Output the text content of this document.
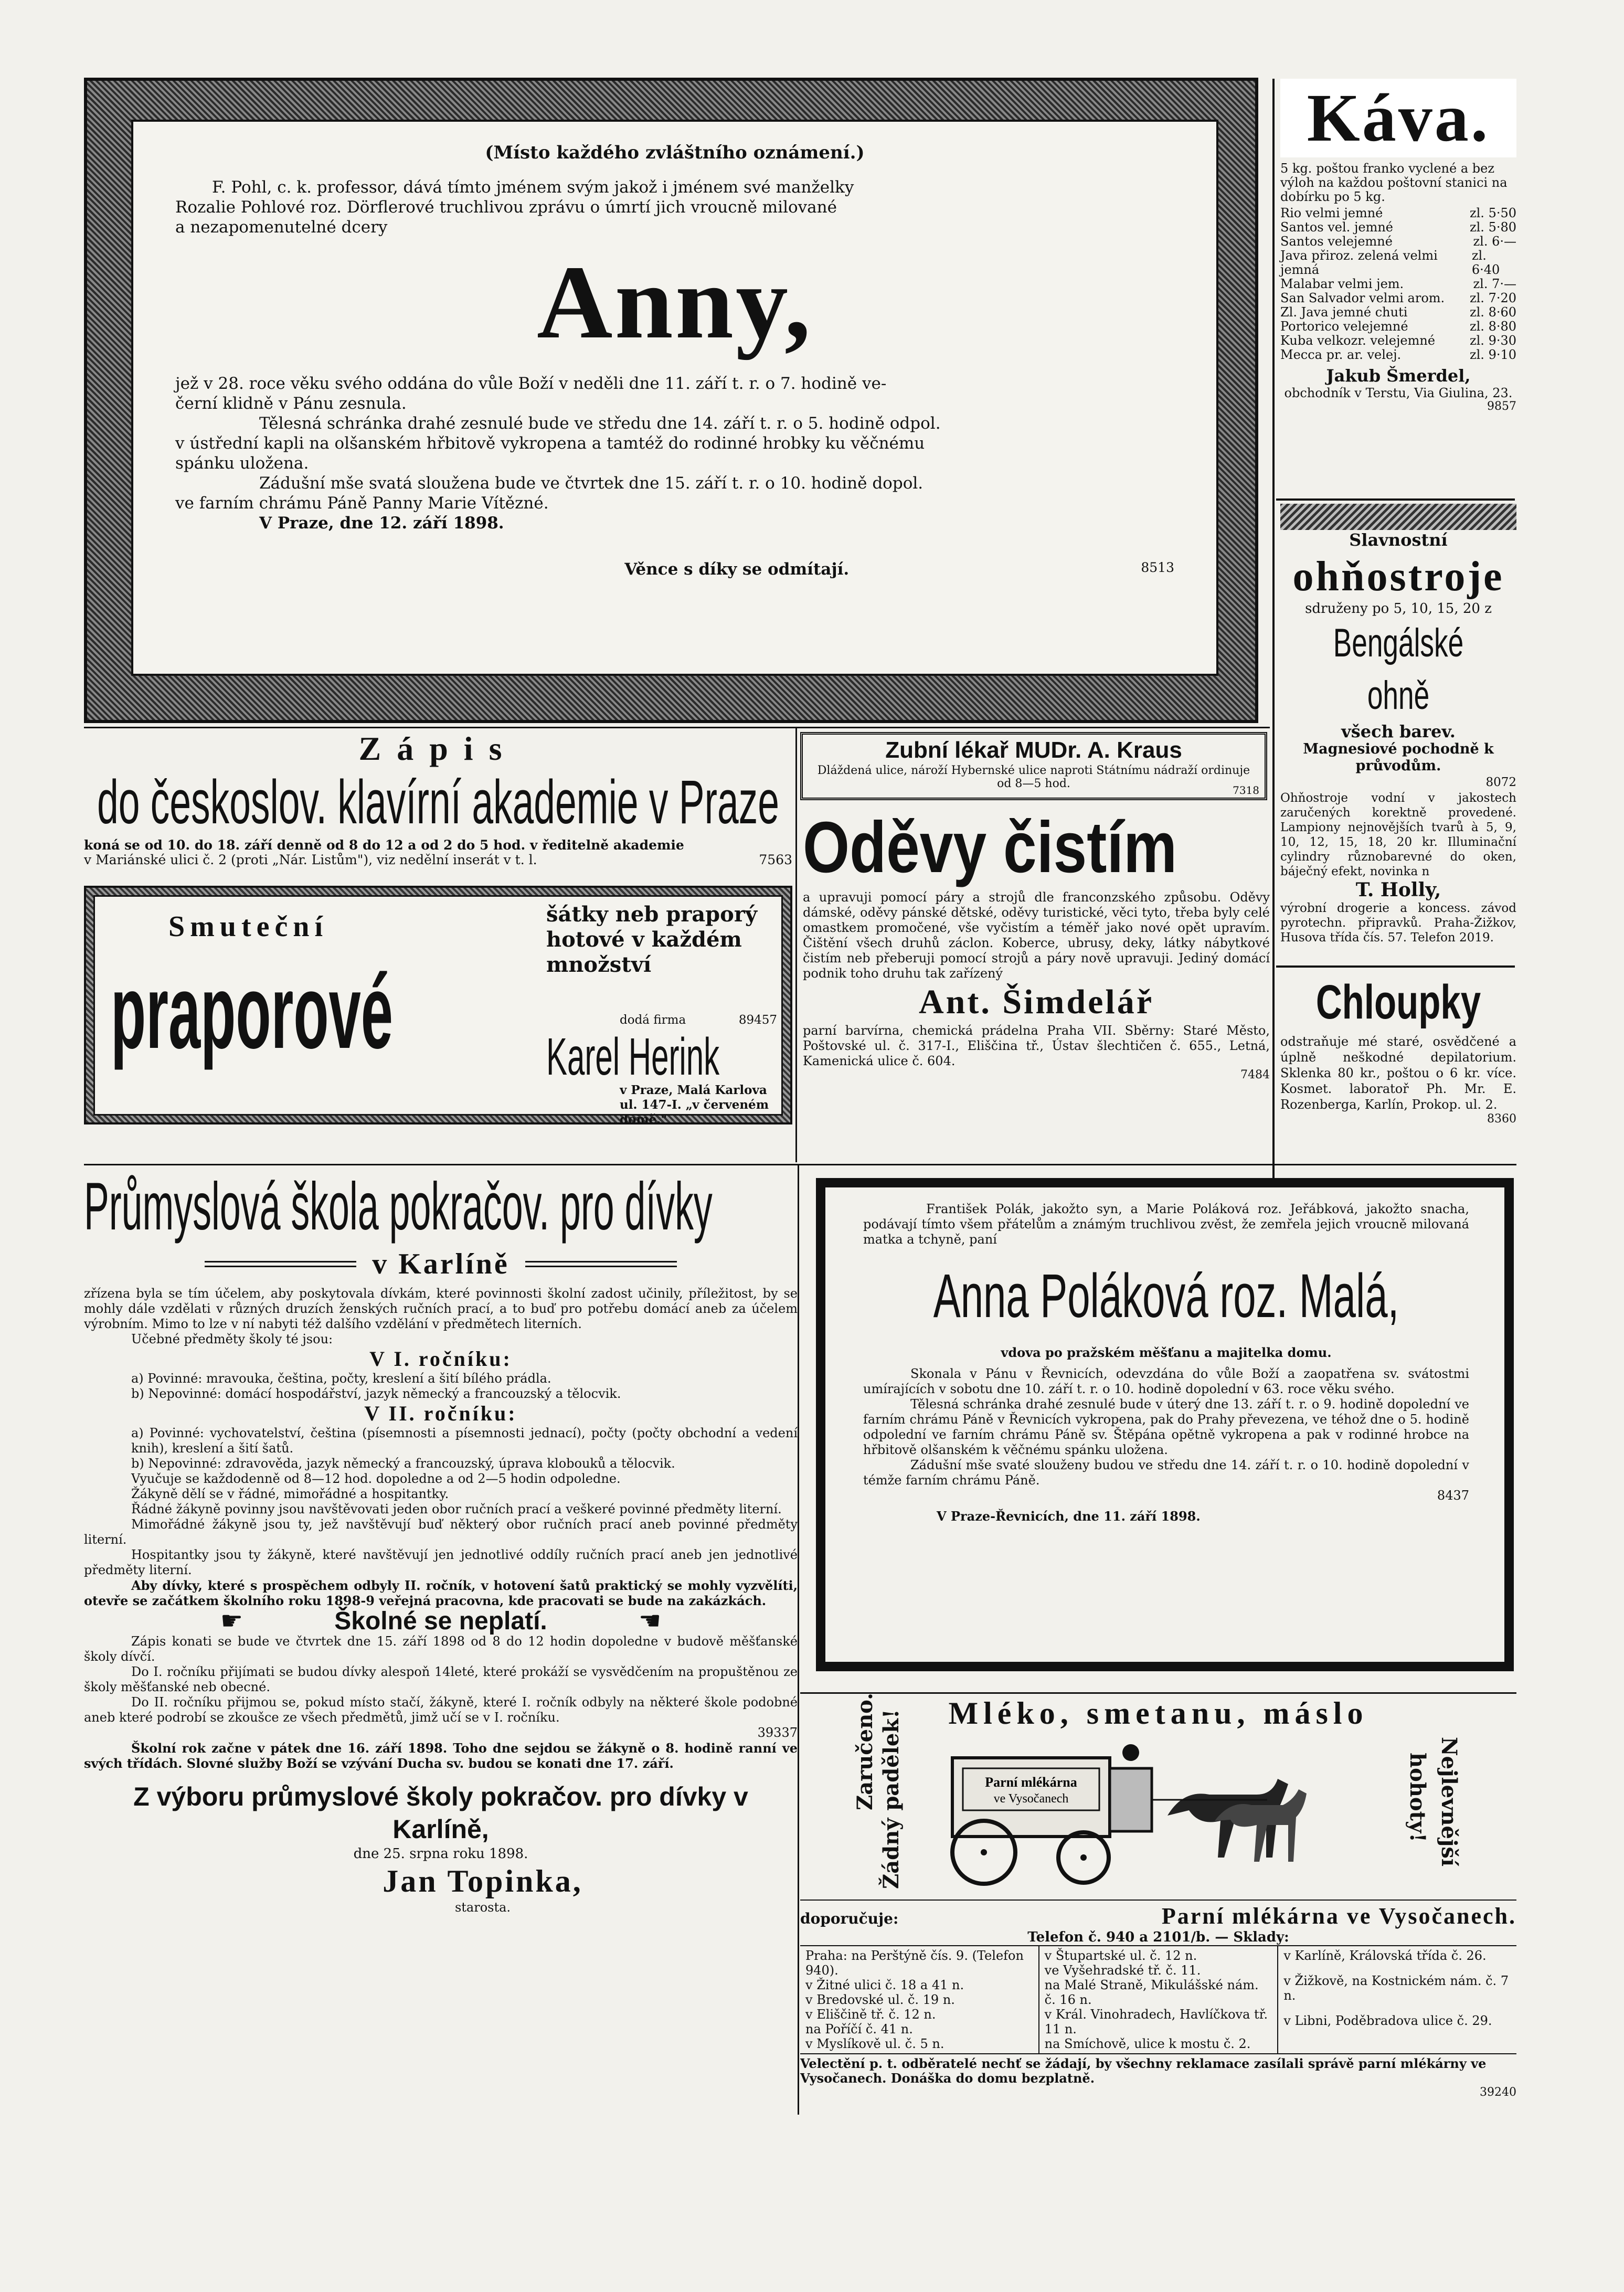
(Místo každého zvláštního oznámení.)

F. Pohl, c. k. professor, dává tímto jménem svým jakož i jménem své manželky

Rozalie Pohlové roz. Dörflerové truchlivou zprávu o úmrtí jich vroucně milované

a nezapomenutelné dcery

Anny,

jež v 28. roce věku svého oddána do vůle Boží v neděli dne 11. září t. r. o 7. hodině ve-

černí klidně v Pánu zesnula.

Tělesná schránka drahé zesnulé bude ve středu dne 14. září t. r. o 5. hodině odpol.

v ústřední kapli na olšanském hřbitově vykropena a tamtéž do rodinné hrobky ku věčnému

spánku uložena.

Zádušní mše svatá sloužena bude ve čtvrtek dne 15. září t. r. o 10. hodině dopol.

ve farním chrámu Páně Panny Marie Vítězné.

V Praze, dne 12. září 1898.

Věnce s díky se odmítají.	8513
Káva.

5 kg. poštou franko vyclené a bez výloh na každou poštovní stanici na dobírku po 5 kg.

Rio velmi jemné	zl. 5·50
Santos vel. jemné	zl. 5·80
Santos velejemné	zl. 6·—
Java přiroz. zelená velmi jemná
zl. 6·40
Malabar velmi jem.	zl. 7·—
San Salvador velmi arom. zl. 7·20
Zl. Java jemné chuti	zl. 8·60
Portorico velejemné	zl. 8·80
Kuba velkozr. velejemné	zl. 9·30
Mecca pr. ar. velej.	zl. 9·10

Jakub Šmerdel,

obchodník v Terstu, Via Giulina, 23.

9857

Slavnostní

ohňostroje

sdruženy po 5, 10, 15, 20 z

Bengálské ohně

všech barev.

Magnesiové pochodně k průvodům.

8072

Ohňostroje vodní v jakostech zaručených korektně provedené. Lampiony nejnovějších tvarů à 5, 9, 10, 12, 15, 18, 20 kr. Illuminační cylindry různobarevné do oken, báječný efekt, novinka n

T. Holly,

výrobní drogerie a koncess. závod pyrotechn. připravků. Praha-Žižkov, Husova třída čís. 57. Telefon 2019.

Chloupky

odstraňuje mé staré, osvědčené a úplně neškodné depilatorium. Sklenka 80 kr., poštou o 6 kr. více. Kosmet. laboratoř Ph. Mr. E. Rozenberga, Karlín, Prokop. ul. 2.

8360

Zápis

do českoslov. klavírní akademie v Praze

koná se od 10. do 18. září denně od 8 do 12 a od 2 do 5 hod. v ředitelně akademie

v Mariánské ulici č. 2 (proti „Nár. Listům"), viz nedělní inserát v t. l.	7563

Smuteční

praporové

šátky neb praporý hotové v každém množství

dodá firma	89457

Karel Herink

v Praze, Malá Karlova ul. 147-I. „v červeném domě."

Zubní lékař MUDr. A. Kraus

Dláždená ulice, nároží Hybernské ulice naproti Státnímu nádraží ordinuje od 8—5 hod.	7318

Oděvy čistím

a upravuji pomocí páry a strojů dle franconzského způsobu. Oděvy dámské, oděvy pánské dětské, oděvy turistické, věci tyto, třeba byly celé omastkem promočené, vše vyčistím a téměř jako nové opět upravím. Čištění všech druhů záclon. Koberce, ubrusy, deky, látky nábytkové čistím neb přeberuji pomocí strojů a páry nově upravuji. Jediný domácí podnik toho druhu tak zařízený

Ant. Šimdelář

parní barvírna, chemická prádelna Praha VII. Sběrny: Staré Město, Poštovské ul. č. 317-I., Eliščina tř., Ústav šlechtičen č. 655., Letná, Kamenická ulice č. 604.

7484

Průmyslová škola pokračov. pro dívky

v Karlíně

zřízena byla se tím účelem, aby poskytovala dívkám, které povinnosti školní zadost učinily, příležitost, by se mohly dále vzdělati v různých druzích ženských ručních prací, a to buď pro potřebu domácí aneb za účelem výrobním. Mimo to lze v ní nabyti též dalšího vzdělání v předmětech literních.

Učebné předměty školy té jsou:

V I. ročníku:

a) Povinné: mravouka, čeština, počty, kreslení a šití bílého prádla.

b) Nepovinné: domácí hospodářství, jazyk německý a francouzský a tělocvik.

V II. ročníku:

a) Povinné: vychovatelství, čeština (písemnosti a písemnosti jednací), počty (počty obchodní a vedení knih), kreslení a šití šatů.

b) Nepovinné: zdravověda, jazyk německý a francouzský, úprava klobouků a tělocvik.

Vyučuje se každodenně od 8—12 hod. dopoledne a od 2—5 hodin odpoledne.

Žákyně dělí se v řádné, mimořádné a hospitantky.

Řádné žákyně povinny jsou navštěvovati jeden obor ručních prací a veškeré povinné předměty literní.

Mimořádné žákyně jsou ty, jež navštěvují buď některý obor ručních prací aneb povinné předměty literní.

Hospitantky jsou ty žákyně, které navštěvují jen jednotlivé oddíly ručních prací aneb jen jednotlivé předměty literní.

Aby dívky, které s prospěchem odbyly II. ročník, v hotovení šatů praktický se mohly vyzvělíti, otevře se začátkem školního roku 1898-9 veřejná pracovna, kde pracovati se bude na zakázkách.

☛	Školné se neplatí.	☚

Zápis konati se bude ve čtvrtek dne 15. září 1898 od 8 do 12 hodin dopoledne v budově měšťanské školy dívčí.

Do I. ročníku přijímati se budou dívky alespoň 14leté, které prokáží se vysvědčením na propuštěnou ze školy měšťanské neb obecné.

Do II. ročníku přijmou se, pokud místo stačí, žákyně, které I. ročník odbyly na některé škole podobné aneb které podrobí se zkoušce ze všech předmětů, jimž učí se v I. ročníku.

39337

Školní rok začne v pátek dne 16. září 1898. Toho dne sejdou se žákyně o 8. hodině ranní ve svých třídách. Slovné služby Boží se vzývání Ducha sv. budou se konati dne 17. září.

Z výboru průmyslové školy pokračov. pro dívky v Karlíně,

dne 25. srpna roku 1898.

Jan Topinka,

starosta.

František Polák, jakožto syn, a Marie Poláková roz. Jeřábková, jakožto snacha, podávají tímto všem přátelům a známým truchlivou zvěst, že zemřela jejich vroucně milovaná matka a tchyně, paní

Anna Poláková roz. Malá,

vdova po pražském měšťanu a majitelka domu.

Skonala v Pánu v Řevnicích, odevzdána do vůle Boží a zaopatřena sv. svátostmi umírajících v sobotu dne 10. září t. r. o 10. hodině dopolední v 63. roce věku svého.

Tělesná schránka drahé zesnulé bude v úterý dne 13. září t. r. o 9. hodině dopolední ve farním chrámu Páně v Řevnicích vykropena, pak do Prahy převezena, ve téhož dne o 5. hodině odpolední ve farním chrámu Páně sv. Štěpána opětně vykropena a pak v rodinné hrobce na hřbitově olšanském k věčnému spánku uložena.

Zádušní mše svaté slouženy budou ve středu dne 14. září t. r. o 10. hodině dopolední v témže farním chrámu Páně.

8437

V Praze-Řevnicích, dne 11. září 1898.

Mléko, smetanu, máslo

Zaručeno. Žádný padělek!	Nejlevnější

hohoty!

Parní mlékárna
ve Vysočanech
doporučuje:	Parní mlékárna ve Vysočanech.

Telefon č. 940 a 2101/b. — Sklady:

Praha: na Perštýně čís. 9. (Telefon 940).

v Žitné ulici č. 18 a 41 n.

v Bredovské ul. č. 19 n.

v Eliščině tř. č. 12 n.

na Poříčí č. 41 n.

v Myslíkově ul. č. 5 n.

v Štupartské ul. č. 12 n.

ve Vyšehradské tř. č. 11.

na Malé Straně, Mikulášské nám. č. 16 n.

v Král. Vinohradech, Havlíčkova tř. 11 n.

na Smíchově, ulice k mostu č. 2.

v Karlíně, Královská třída č. 26.

v Žižkově, na Kostnickém nám. č. 7 n.

v Libni, Poděbradova ulice č. 29.

Velectění p. t. odběratelé nechť se žádají, by všechny reklamace zasílali správě parní mlékárny ve Vysočanech. Donáška do domu bezplatně.

39240
